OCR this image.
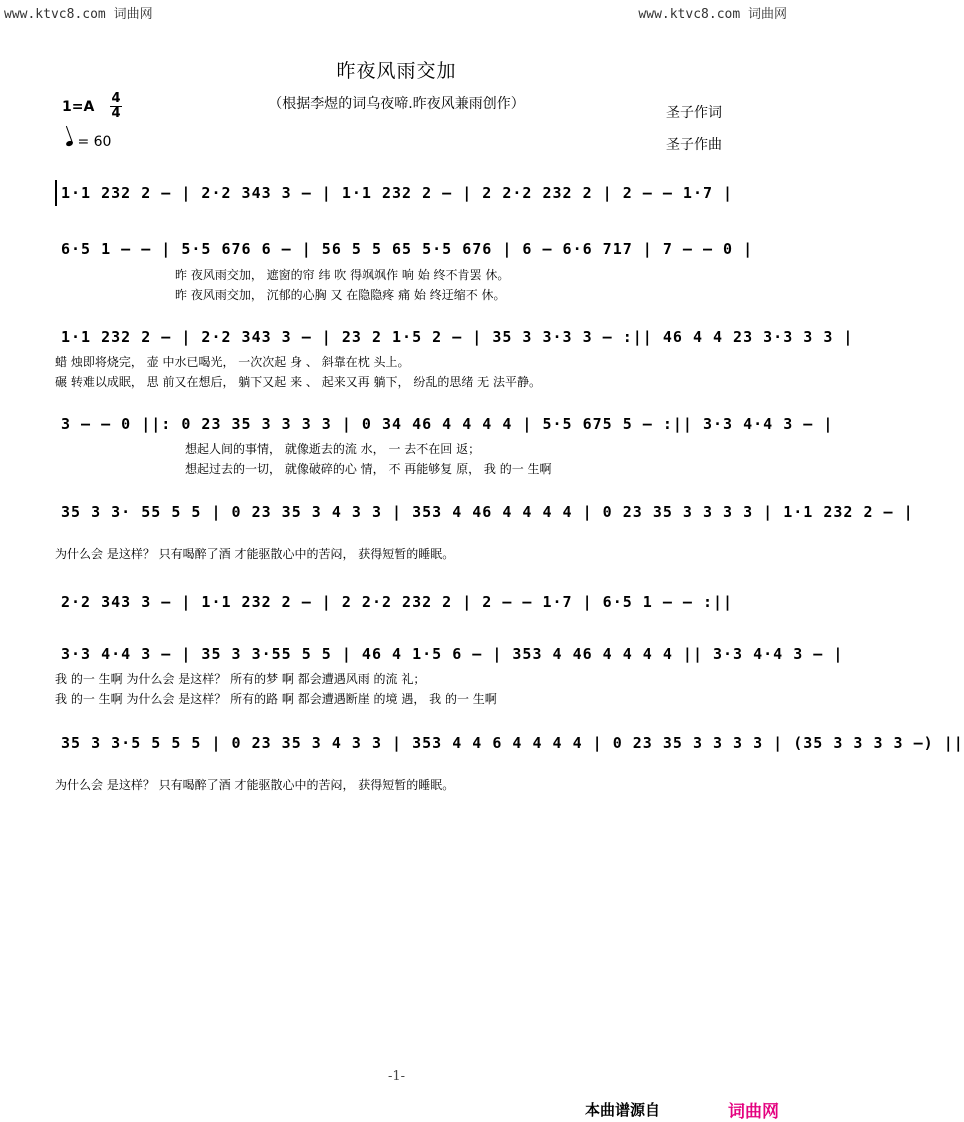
www.ktvc8.com 词曲网	www.ktvc8.com 词曲网
昨夜风雨交加
（根据李煜的词乌夜啼.昨夜风兼雨创作）
$1=A \frac{4}{4}$
= 60
圣子作词
圣子作曲
1·1 232 2 – | 2·2 343 3 – | 1·1 232 2 – | 2 2·2 232 2 | 2 – – 1·7 |
6·5 1 – – | 5·5 676 6 – | 56 5 5 65 5·5 676 | 6 – 6·6 717 | 7 – – 0 |
昨 夜风雨交加， 遮窗的帘 纬 吹 得飒飒作 响 始 终不肯罢 休。
昨 夜风雨交加， 沉郁的心胸 又 在隐隐疼 痛 始 终迂缩不 休。
1·1 232 2 – | 2·2 343 3 – | 23 2 1·5 2 – | 35 3 3·3 3 – :|| 46 4 4 23 3·3 3 3 |
蜡 烛即将烧完， 壶 中水已喝光， 一次次起 身 、 斜靠在枕 头上。
碾 转难以成眠， 思 前又在想后， 躺下又起 来 、 起来又再 躺下， 纷乱的思绪 无 法平静。
3 – – 0 ||: 0 23 35 3 3 3 3 | 0 34 46 4 4 4 4 | 5·5 675 5 – :|| 3·3 4·4 3 – |
想起人间的事情， 就像逝去的流 水， 一 去不在回 返；
想起过去的一切， 就像破碎的心 情， 不 再能够复 原， 我 的一 生啊
35 3 3· 55 5 5 | 0 23 35 3 4 3 3 | 353 4 46 4 4 4 4 | 0 23 35 3 3 3 3 | 1·1 232 2 – |
为什么会 是这样？ 只有喝醉了酒 才能驱散心中的苦闷， 获得短暂的睡眠。
2·2 343 3 – | 1·1 232 2 – | 2 2·2 232 2 | 2 – – 1·7 | 6·5 1 – – :||
3·3 4·4 3 – | 35 3 3·55 5 5 | 46 4 1·5 6 – | 353 4 46 4 4 4 4 || 3·3 4·4 3 – |
我 的一 生啊 为什么会 是这样？ 所有的梦 啊 都会遭遇风雨 的流 礼；
我 的一 生啊 为什么会 是这样？ 所有的路 啊 都会遭遇断崖 的境 遇， 我 的一 生啊
35 3 3·5 5 5 5 | 0 23 35 3 4 3 3 | 353 4 4 6 4 4 4 4 | 0 23 35 3 3 3 3 | (35 3 3 3 3 –) ||
为什么会 是这样？ 只有喝醉了酒 才能驱散心中的苦闷， 获得短暂的睡眠。
-1-
本曲谱源自	词曲网
